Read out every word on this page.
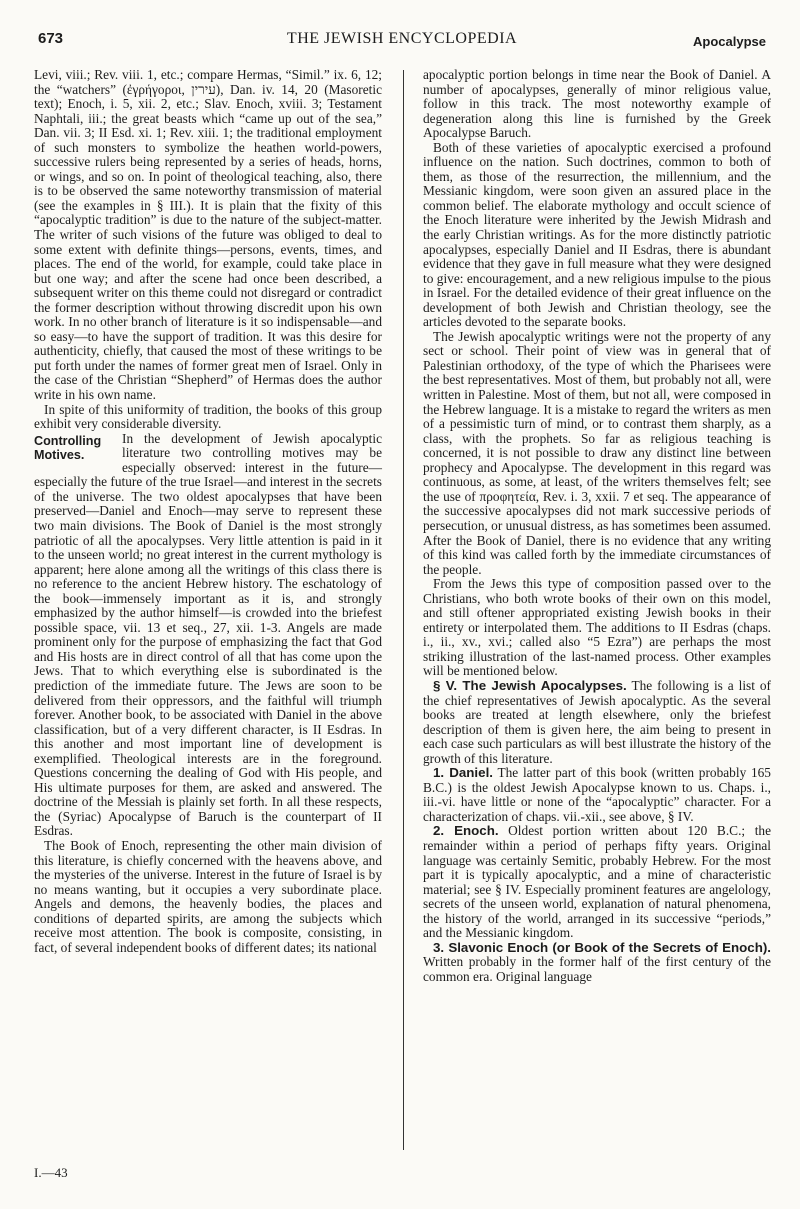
673	THE JEWISH ENCYCLOPEDIA	Apocalypse

Levi, viii.; Rev. viii. 1, etc.; compare Hermas, “Simil.” ix. 6, 12; the “watchers” (ἐγρήγοροι, עירין), Dan. iv. 14, 20 (Masoretic text); Enoch, i. 5, xii. 2, etc.; Slav. Enoch, xviii. 3; Testament Naphtali, iii.; the great beasts which “came up out of the sea,” Dan. vii. 3; II Esd. xi. 1; Rev. xiii. 1; the traditional employment of such monsters to symbolize the heathen world-powers, successive rulers being represented by a series of heads, horns, or wings, and so on. In point of theological teaching, also, there is to be observed the same noteworthy transmission of material (see the examples in § III.). It is plain that the fixity of this “apocalyptic tradition” is due to the nature of the subject-matter. The writer of such visions of the future was obliged to deal to some extent with definite things—persons, events, times, and places. The end of the world, for example, could take place in but one way; and after the scene had once been described, a subsequent writer on this theme could not disregard or contradict the former description without throwing discredit upon his own work. In no other branch of literature is it so indispensable—and so easy—to have the support of tradition. It was this desire for authenticity, chiefly, that caused the most of these writings to be put forth under the names of former great men of Israel. Only in the case of the Christian “Shepherd” of Hermas does the author write in his own name.

In spite of this uniformity of tradition, the books of this group exhibit very considerable diversity.

Controlling Motives.

In the development of Jewish apocalyptic literature two controlling motives may be especially observed: interest in the future—especially the future of the true Israel—and interest in the secrets of the universe. The two oldest apocalypses that have been preserved—Daniel and Enoch—may serve to represent these two main divisions. The Book of Daniel is the most strongly patriotic of all the apocalypses. Very little attention is paid in it to the unseen world; no great interest in the current mythology is apparent; here alone among all the writings of this class there is no reference to the ancient Hebrew history. The eschatology of the book—immensely important as it is, and strongly emphasized by the author himself—is crowded into the briefest possible space, vii. 13 et seq., 27, xii. 1-3. Angels are made prominent only for the purpose of emphasizing the fact that God and His hosts are in direct control of all that has come upon the Jews. That to which everything else is subordinated is the prediction of the immediate future. The Jews are soon to be delivered from their oppressors, and the faithful will triumph forever. Another book, to be associated with Daniel in the above classification, but of a very different character, is II Esdras. In this another and most important line of development is exemplified. Theological interests are in the foreground. Questions concerning the dealing of God with His people, and His ultimate purposes for them, are asked and answered. The doctrine of the Messiah is plainly set forth. In all these respects, the (Syriac) Apocalypse of Baruch is the counterpart of II Esdras.

The Book of Enoch, representing the other main division of this literature, is chiefly concerned with the heavens above, and the mysteries of the universe. Interest in the future of Israel is by no means wanting, but it occupies a very subordinate place. Angels and demons, the heavenly bodies, the places and conditions of departed spirits, are among the subjects which receive most attention. The book is composite, consisting, in fact, of several independent books of different dates; its national

apocalyptic portion belongs in time near the Book of Daniel. A number of apocalypses, generally of minor religious value, follow in this track. The most noteworthy example of degeneration along this line is furnished by the Greek Apocalypse Baruch.

Both of these varieties of apocalyptic exercised a profound influence on the nation. Such doctrines, common to both of them, as those of the resurrection, the millennium, and the Messianic kingdom, were soon given an assured place in the common belief. The elaborate mythology and occult science of the Enoch literature were inherited by the Jewish Midrash and the early Christian writings. As for the more distinctly patriotic apocalypses, especially Daniel and II Esdras, there is abundant evidence that they gave in full measure what they were designed to give: encouragement, and a new religious impulse to the pious in Israel. For the detailed evidence of their great influence on the development of both Jewish and Christian theology, see the articles devoted to the separate books.

The Jewish apocalyptic writings were not the property of any sect or school. Their point of view was in general that of Palestinian orthodoxy, of the type of which the Pharisees were the best representatives. Most of them, but probably not all, were written in Palestine. Most of them, but not all, were composed in the Hebrew language. It is a mistake to regard the writers as men of a pessimistic turn of mind, or to contrast them sharply, as a class, with the prophets. So far as religious teaching is concerned, it is not possible to draw any distinct line between prophecy and Apocalypse. The development in this regard was continuous, as some, at least, of the writers themselves felt; see the use of προφητεία, Rev. i. 3, xxii. 7 et seq. The appearance of the successive apocalypses did not mark successive periods of persecution, or unusual distress, as has sometimes been assumed. After the Book of Daniel, there is no evidence that any writing of this kind was called forth by the immediate circumstances of the people.

From the Jews this type of composition passed over to the Christians, who both wrote books of their own on this model, and still oftener appropriated existing Jewish books in their entirety or interpolated them. The additions to II Esdras (chaps. i., ii., xv., xvi.; called also “5 Ezra”) are perhaps the most striking illustration of the last-named process. Other examples will be mentioned below.

§ V. The Jewish Apocalypses. The following is a list of the chief representatives of Jewish apocalyptic. As the several books are treated at length elsewhere, only the briefest description of them is given here, the aim being to present in each case such particulars as will best illustrate the history of the growth of this literature.

1. Daniel. The latter part of this book (written probably 165 B.C.) is the oldest Jewish Apocalypse known to us. Chaps. i., iii.-vi. have little or none of the “apocalyptic” character. For a characterization of chaps. vii.-xii., see above, § IV.

2. Enoch. Oldest portion written about 120 B.C.; the remainder within a period of perhaps fifty years. Original language was certainly Semitic, probably Hebrew. For the most part it is typically apocalyptic, and a mine of characteristic material; see § IV. Especially prominent features are angelology, secrets of the unseen world, explanation of natural phenomena, the history of the world, arranged in its successive “periods,” and the Messianic kingdom.

3. Slavonic Enoch (or Book of the Secrets of Enoch). Written probably in the former half of the first century of the common era. Original language

I.—43
